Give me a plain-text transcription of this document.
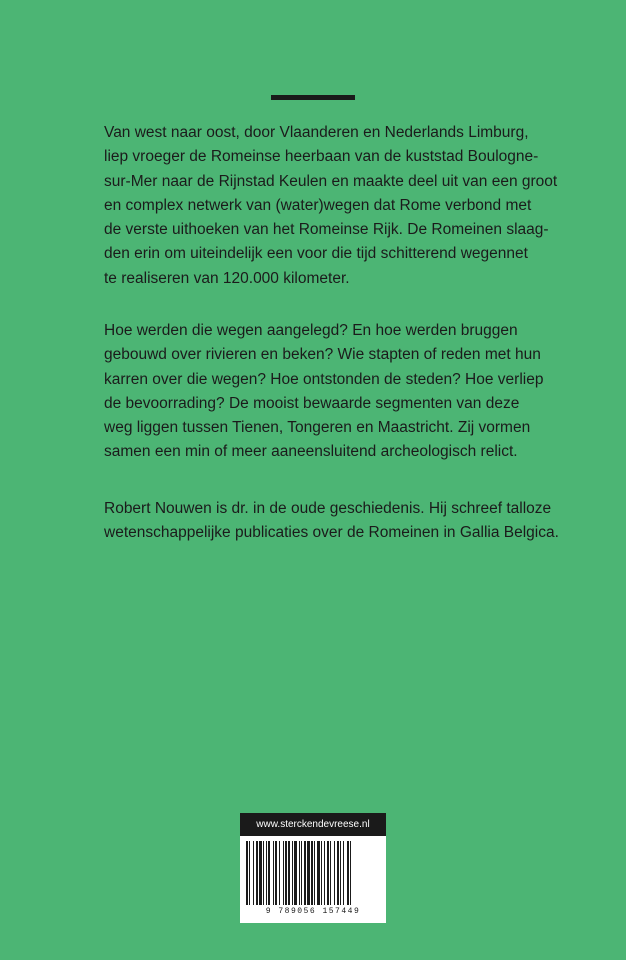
Van west naar oost, door Vlaanderen en Nederlands Limburg,
liep vroeger de Romeinse heerbaan van de kuststad Boulogne-
sur-Mer naar de Rijnstad Keulen en maakte deel uit van een groot
en complex netwerk van (water)wegen dat Rome verbond met
de verste uithoeken van het Romeinse Rijk. De Romeinen slaag-
den erin om uiteindelijk een voor die tijd schitterend wegennet
te realiseren van 120.000 kilometer.
Hoe werden die wegen aangelegd? En hoe werden bruggen
gebouwd over rivieren en beken? Wie stapten of reden met hun
karren over die wegen? Hoe ontstonden de steden? Hoe verliep
de bevoorrading? De mooist bewaarde segmenten van deze
weg liggen tussen Tienen, Tongeren en Maastricht. Zij vormen
samen een min of meer aaneensluitend archeologisch relict.
Robert Nouwen is dr. in de oude geschiedenis. Hij schreef talloze
wetenschappelijke publicaties over de Romeinen in Gallia Belgica.
www.sterckendevreese.nl
9 789056 157449
